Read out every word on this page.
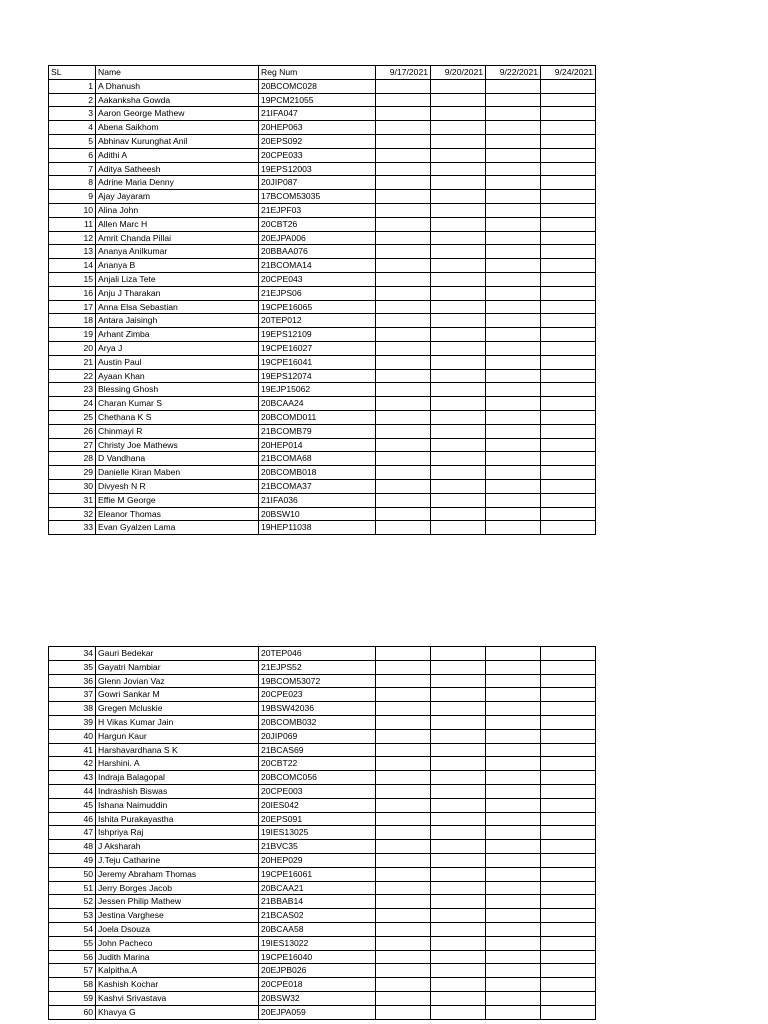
SL	Name	Reg Num	9/17/2021	9/20/2021	9/22/2021	9/24/2021
1	A Dhanush	20BCOMC028				
2	Aakanksha Gowda	19PCM21055				
3	Aaron George Mathew	21IFA047				
4	Abena Saikhom	20HEP063				
5	Abhinav Kurunghat Anil	20EPS092				
6	Adithi A	20CPE033				
7	Aditya Satheesh	19EPS12003				
8	Adrine Maria Denny	20JIP087				
9	Ajay Jayaram	17BCOM53035				
10	Alina John	21EJPF03				
11	Allen Marc H	20CBT26				
12	Amrit Chanda Pillai	20EJPA006				
13	Ananya Anilkumar	20BBAA076				
14	Ananya B	21BCOMA14				
15	Anjali Liza Tete	20CPE043				
16	Anju J Tharakan	21EJPS06				
17	Anna Elsa Sebastian	19CPE16065				
18	Antara Jaisingh	20TEP012				
19	Arhant Zimba	19EPS12109				
20	Arya J	19CPE16027				
21	Austin Paul	19CPE16041				
22	Ayaan Khan	19EPS12074				
23	Blessing Ghosh	19EJP15062				
24	Charan Kumar S	20BCAA24				
25	Chethana K S	20BCOMD011				
26	Chinmayi R	21BCOMB79				
27	Christy Joe Mathews	20HEP014				
28	D Vandhana	21BCOMA68				
29	Danielle Kiran Maben	20BCOMB018				
30	Divyesh N R	21BCOMA37				
31	Effie M George	21IFA036				
32	Eleanor Thomas	20BSW10				
33	Evan Gyalzen Lama	19HEP11038				
34	Gauri Bedekar	20TEP046				
35	Gayatri Nambiar	21EJPS52				
36	Glenn Jovian Vaz	19BCOM53072				
37	Gowri Sankar M	20CPE023				
38	Gregen Mcluskie	19BSW42036				
39	H Vikas Kumar Jain	20BCOMB032				
40	Hargun Kaur	20JIP069				
41	Harshavardhana S K	21BCAS69				
42	Harshini. A	20CBT22				
43	Indraja Balagopal	20BCOMC056				
44	Indrashish Biswas	20CPE003				
45	Ishana Naimuddin	20IES042				
46	Ishita Purakayastha	20EPS091				
47	Ishpriya Raj	19IES13025				
48	J Aksharah	21BVC35				
49	J.Teju Catharine	20HEP029				
50	Jeremy Abraham Thomas	19CPE16061				
51	Jerry Borges Jacob	20BCAA21				
52	Jessen Philip Mathew	21BBAB14				
53	Jestina Varghese	21BCAS02				
54	Joela Dsouza	20BCAA58				
55	John Pacheco	19IES13022				
56	Judith Marina	19CPE16040				
57	Kalpitha.A	20EJPB026				
58	Kashish Kochar	20CPE018				
59	Kashvi Srivastava	20BSW32				
60	Khavya G	20EJPA059				
